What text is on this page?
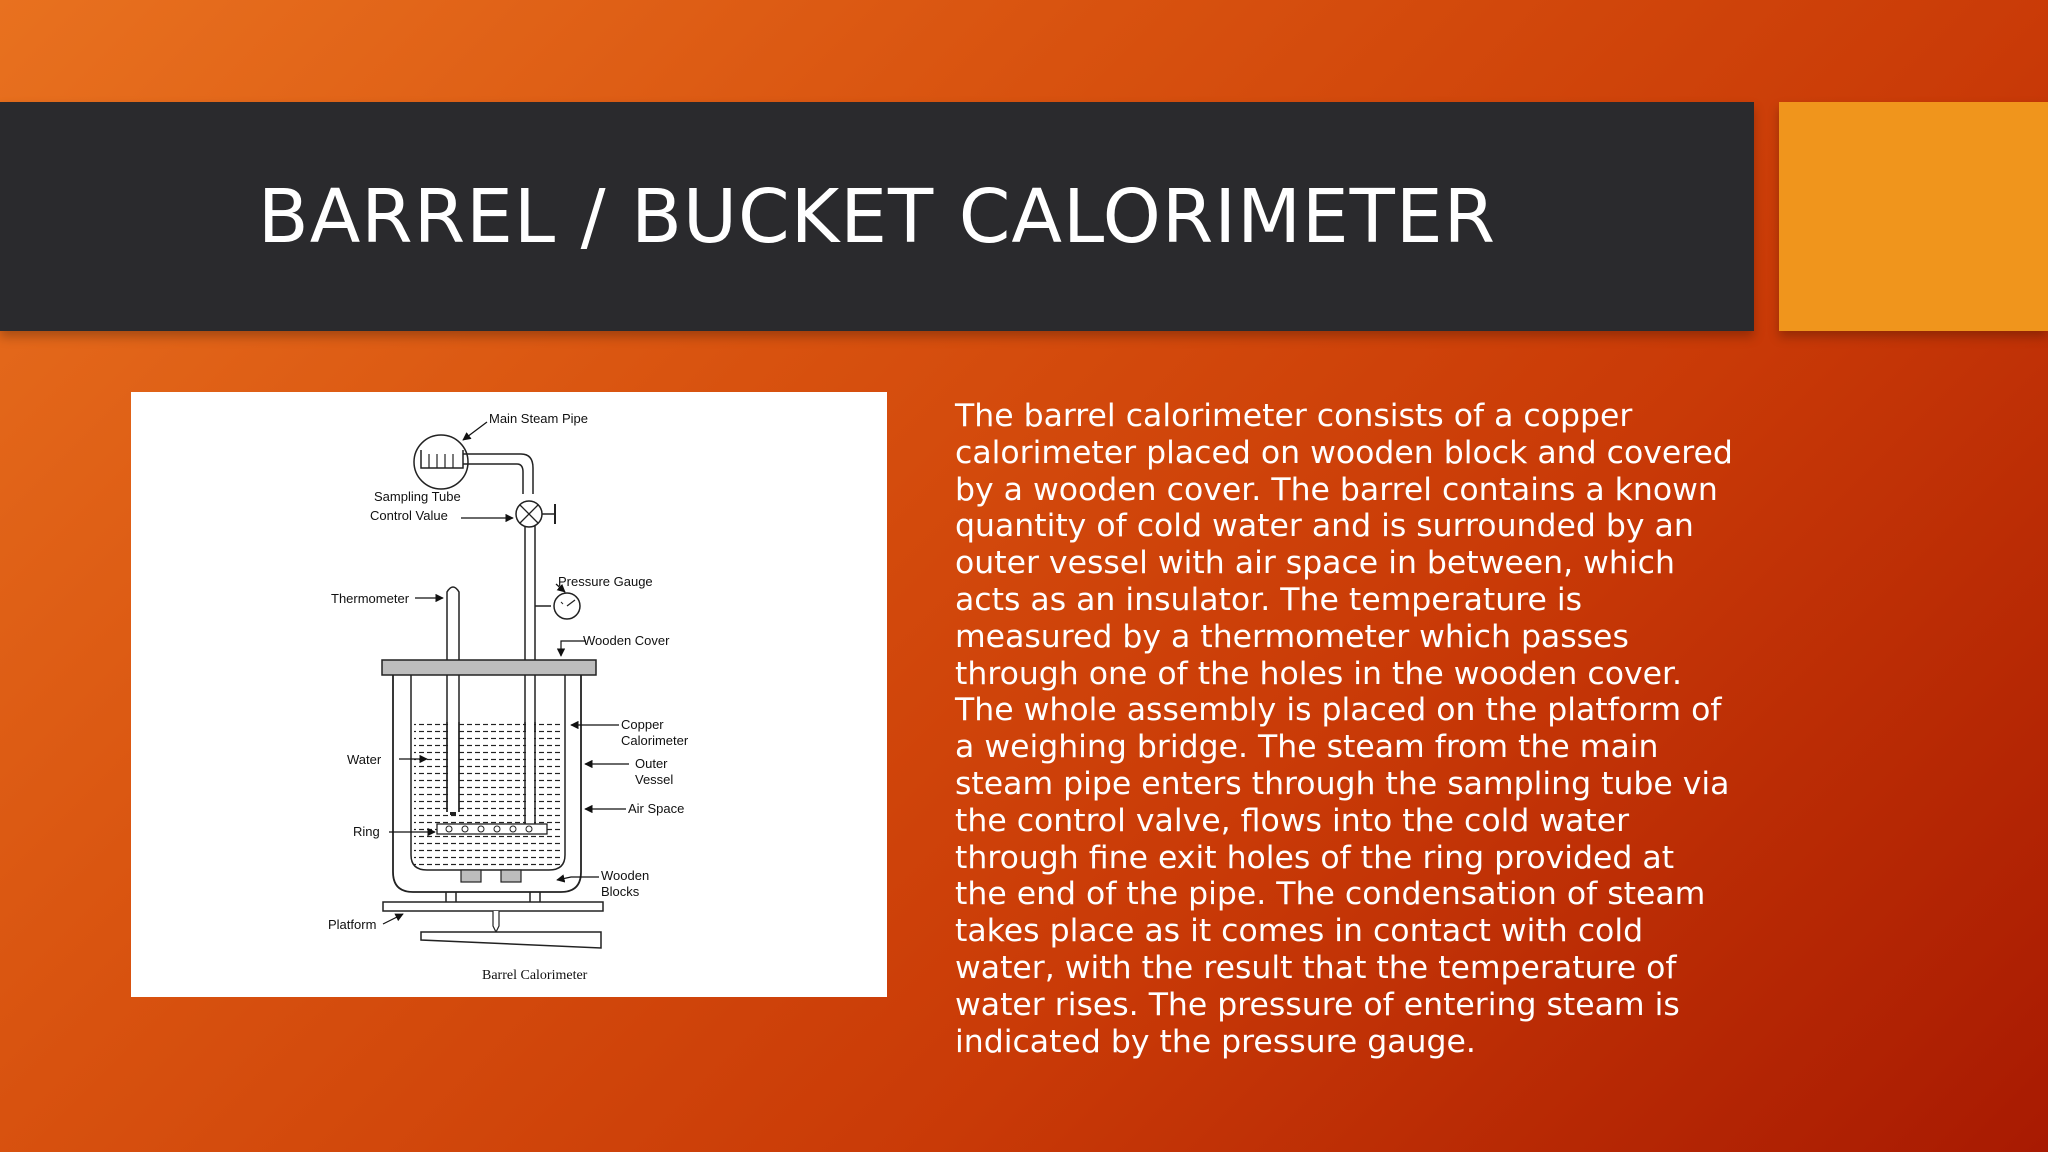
BARREL / BUCKET CALORIMETER
Main Steam Pipe
Sampling Tube
Control Value
Pressure Gauge
Thermometer
Wooden Cover
Copper
Calorimeter
Water	Outer
Vessel
Air Space
Ring
Wooden
Blocks
Platform
Barrel Calorimeter
The barrel calorimeter consists of a copper calorimeter placed on wooden block and covered by a wooden cover. The barrel contains a known quantity of cold water and is surrounded by an outer vessel with air space in between, which acts as an insulator. The temperature is measured by a thermometer which passes through one of the holes in the wooden cover. The whole assembly is placed on the platform of a weighing bridge. The steam from the main steam pipe enters through the sampling tube via the control valve, flows into the cold water through fine exit holes of the ring provided at the end of the pipe. The condensation of steam takes place as it comes in contact with cold water, with the result that the temperature of water rises. The pressure of entering steam is indicated by the pressure gauge.
